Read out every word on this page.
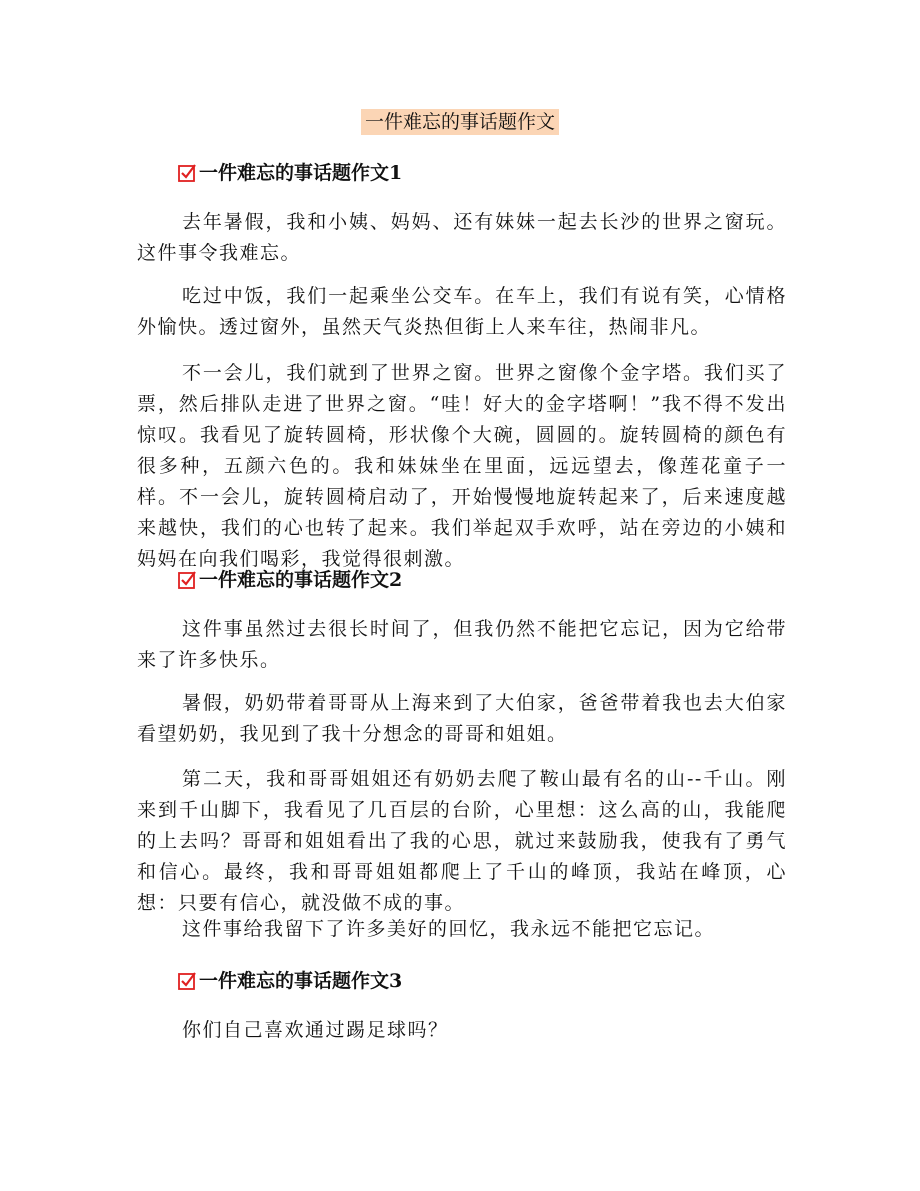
一件难忘的事话题作文
一件难忘的事话题作文1

去年暑假，我和小姨、妈妈、还有妹妹一起去长沙的世界之窗玩。这件事令我难忘。

吃过中饭，我们一起乘坐公交车。在车上，我们有说有笑，心情格外愉快。透过窗外，虽然天气炎热但街上人来车往，热闹非凡。

不一会儿，我们就到了世界之窗。世界之窗像个金字塔。我们买了票，然后排队走进了世界之窗。“哇！好大的金字塔啊！”我不得不发出惊叹。我看见了旋转圆椅，形状像个大碗，圆圆的。旋转圆椅的颜色有很多种，五颜六色的。我和妹妹坐在里面，远远望去，像莲花童子一样。不一会儿，旋转圆椅启动了，开始慢慢地旋转起来了，后来速度越来越快，我们的心也转了起来。我们举起双手欢呼，站在旁边的小姨和妈妈在向我们喝彩，我觉得很刺激。

一件难忘的事话题作文2

这件事虽然过去很长时间了，但我仍然不能把它忘记，因为它给带来了许多快乐。

暑假，奶奶带着哥哥从上海来到了大伯家，爸爸带着我也去大伯家看望奶奶，我见到了我十分想念的哥哥和姐姐。

第二天，我和哥哥姐姐还有奶奶去爬了鞍山最有名的山--千山。刚来到千山脚下，我看见了几百层的台阶，心里想：这么高的山，我能爬的上去吗？哥哥和姐姐看出了我的心思，就过来鼓励我，使我有了勇气和信心。最终，我和哥哥姐姐都爬上了千山的峰顶，我站在峰顶，心想：只要有信心，就没做不成的事。

这件事给我留下了许多美好的回忆，我永远不能把它忘记。

一件难忘的事话题作文3

你们自己喜欢通过踢足球吗？
